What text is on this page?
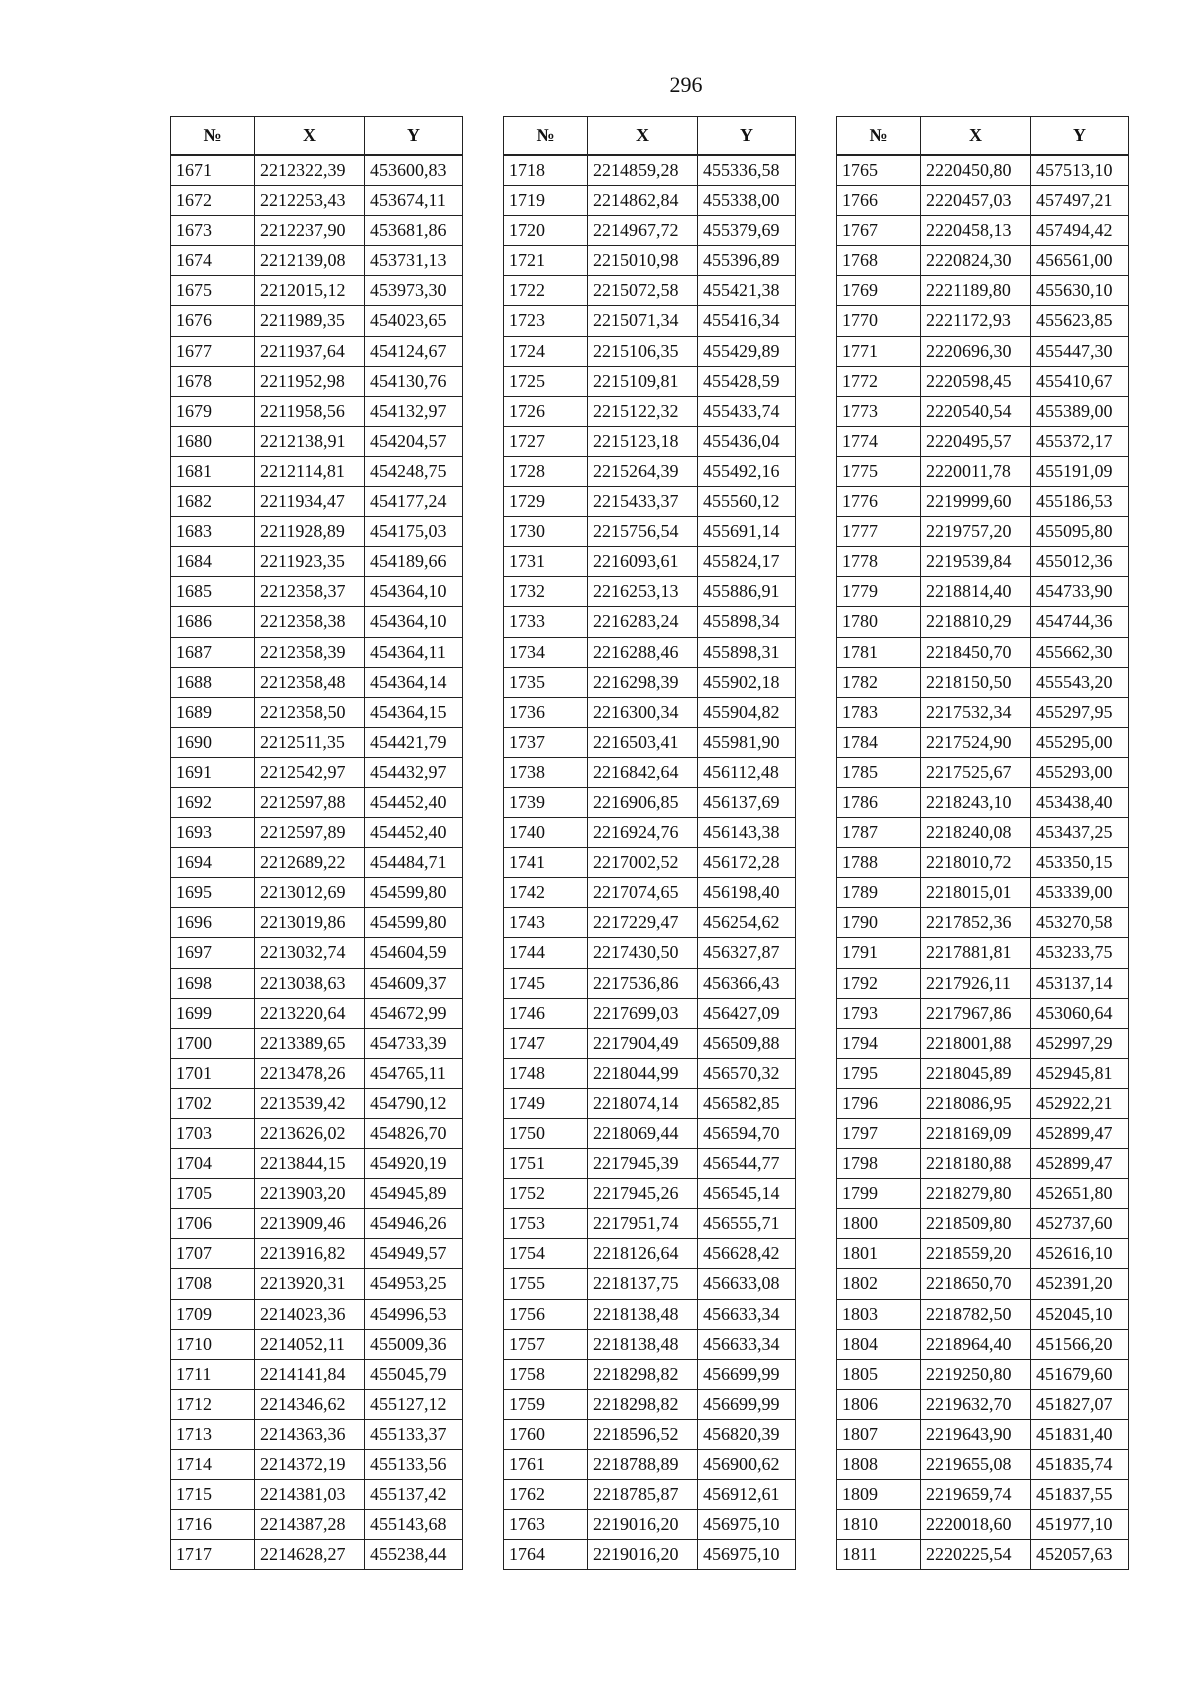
296
№	X	Y
1671	2212322,39	453600,83
1672	2212253,43	453674,11
1673	2212237,90	453681,86
1674	2212139,08	453731,13
1675	2212015,12	453973,30
1676	2211989,35	454023,65
1677	2211937,64	454124,67
1678	2211952,98	454130,76
1679	2211958,56	454132,97
1680	2212138,91	454204,57
1681	2212114,81	454248,75
1682	2211934,47	454177,24
1683	2211928,89	454175,03
1684	2211923,35	454189,66
1685	2212358,37	454364,10
1686	2212358,38	454364,10
1687	2212358,39	454364,11
1688	2212358,48	454364,14
1689	2212358,50	454364,15
1690	2212511,35	454421,79
1691	2212542,97	454432,97
1692	2212597,88	454452,40
1693	2212597,89	454452,40
1694	2212689,22	454484,71
1695	2213012,69	454599,80
1696	2213019,86	454599,80
1697	2213032,74	454604,59
1698	2213038,63	454609,37
1699	2213220,64	454672,99
1700	2213389,65	454733,39
1701	2213478,26	454765,11
1702	2213539,42	454790,12
1703	2213626,02	454826,70
1704	2213844,15	454920,19
1705	2213903,20	454945,89
1706	2213909,46	454946,26
1707	2213916,82	454949,57
1708	2213920,31	454953,25
1709	2214023,36	454996,53
1710	2214052,11	455009,36
1711	2214141,84	455045,79
1712	2214346,62	455127,12
1713	2214363,36	455133,37
1714	2214372,19	455133,56
1715	2214381,03	455137,42
1716	2214387,28	455143,68
1717	2214628,27	455238,44
№	X	Y
1718	2214859,28	455336,58
1719	2214862,84	455338,00
1720	2214967,72	455379,69
1721	2215010,98	455396,89
1722	2215072,58	455421,38
1723	2215071,34	455416,34
1724	2215106,35	455429,89
1725	2215109,81	455428,59
1726	2215122,32	455433,74
1727	2215123,18	455436,04
1728	2215264,39	455492,16
1729	2215433,37	455560,12
1730	2215756,54	455691,14
1731	2216093,61	455824,17
1732	2216253,13	455886,91
1733	2216283,24	455898,34
1734	2216288,46	455898,31
1735	2216298,39	455902,18
1736	2216300,34	455904,82
1737	2216503,41	455981,90
1738	2216842,64	456112,48
1739	2216906,85	456137,69
1740	2216924,76	456143,38
1741	2217002,52	456172,28
1742	2217074,65	456198,40
1743	2217229,47	456254,62
1744	2217430,50	456327,87
1745	2217536,86	456366,43
1746	2217699,03	456427,09
1747	2217904,49	456509,88
1748	2218044,99	456570,32
1749	2218074,14	456582,85
1750	2218069,44	456594,70
1751	2217945,39	456544,77
1752	2217945,26	456545,14
1753	2217951,74	456555,71
1754	2218126,64	456628,42
1755	2218137,75	456633,08
1756	2218138,48	456633,34
1757	2218138,48	456633,34
1758	2218298,82	456699,99
1759	2218298,82	456699,99
1760	2218596,52	456820,39
1761	2218788,89	456900,62
1762	2218785,87	456912,61
1763	2219016,20	456975,10
1764	2219016,20	456975,10
№	X	Y
1765	2220450,80	457513,10
1766	2220457,03	457497,21
1767	2220458,13	457494,42
1768	2220824,30	456561,00
1769	2221189,80	455630,10
1770	2221172,93	455623,85
1771	2220696,30	455447,30
1772	2220598,45	455410,67
1773	2220540,54	455389,00
1774	2220495,57	455372,17
1775	2220011,78	455191,09
1776	2219999,60	455186,53
1777	2219757,20	455095,80
1778	2219539,84	455012,36
1779	2218814,40	454733,90
1780	2218810,29	454744,36
1781	2218450,70	455662,30
1782	2218150,50	455543,20
1783	2217532,34	455297,95
1784	2217524,90	455295,00
1785	2217525,67	455293,00
1786	2218243,10	453438,40
1787	2218240,08	453437,25
1788	2218010,72	453350,15
1789	2218015,01	453339,00
1790	2217852,36	453270,58
1791	2217881,81	453233,75
1792	2217926,11	453137,14
1793	2217967,86	453060,64
1794	2218001,88	452997,29
1795	2218045,89	452945,81
1796	2218086,95	452922,21
1797	2218169,09	452899,47
1798	2218180,88	452899,47
1799	2218279,80	452651,80
1800	2218509,80	452737,60
1801	2218559,20	452616,10
1802	2218650,70	452391,20
1803	2218782,50	452045,10
1804	2218964,40	451566,20
1805	2219250,80	451679,60
1806	2219632,70	451827,07
1807	2219643,90	451831,40
1808	2219655,08	451835,74
1809	2219659,74	451837,55
1810	2220018,60	451977,10
1811	2220225,54	452057,63
